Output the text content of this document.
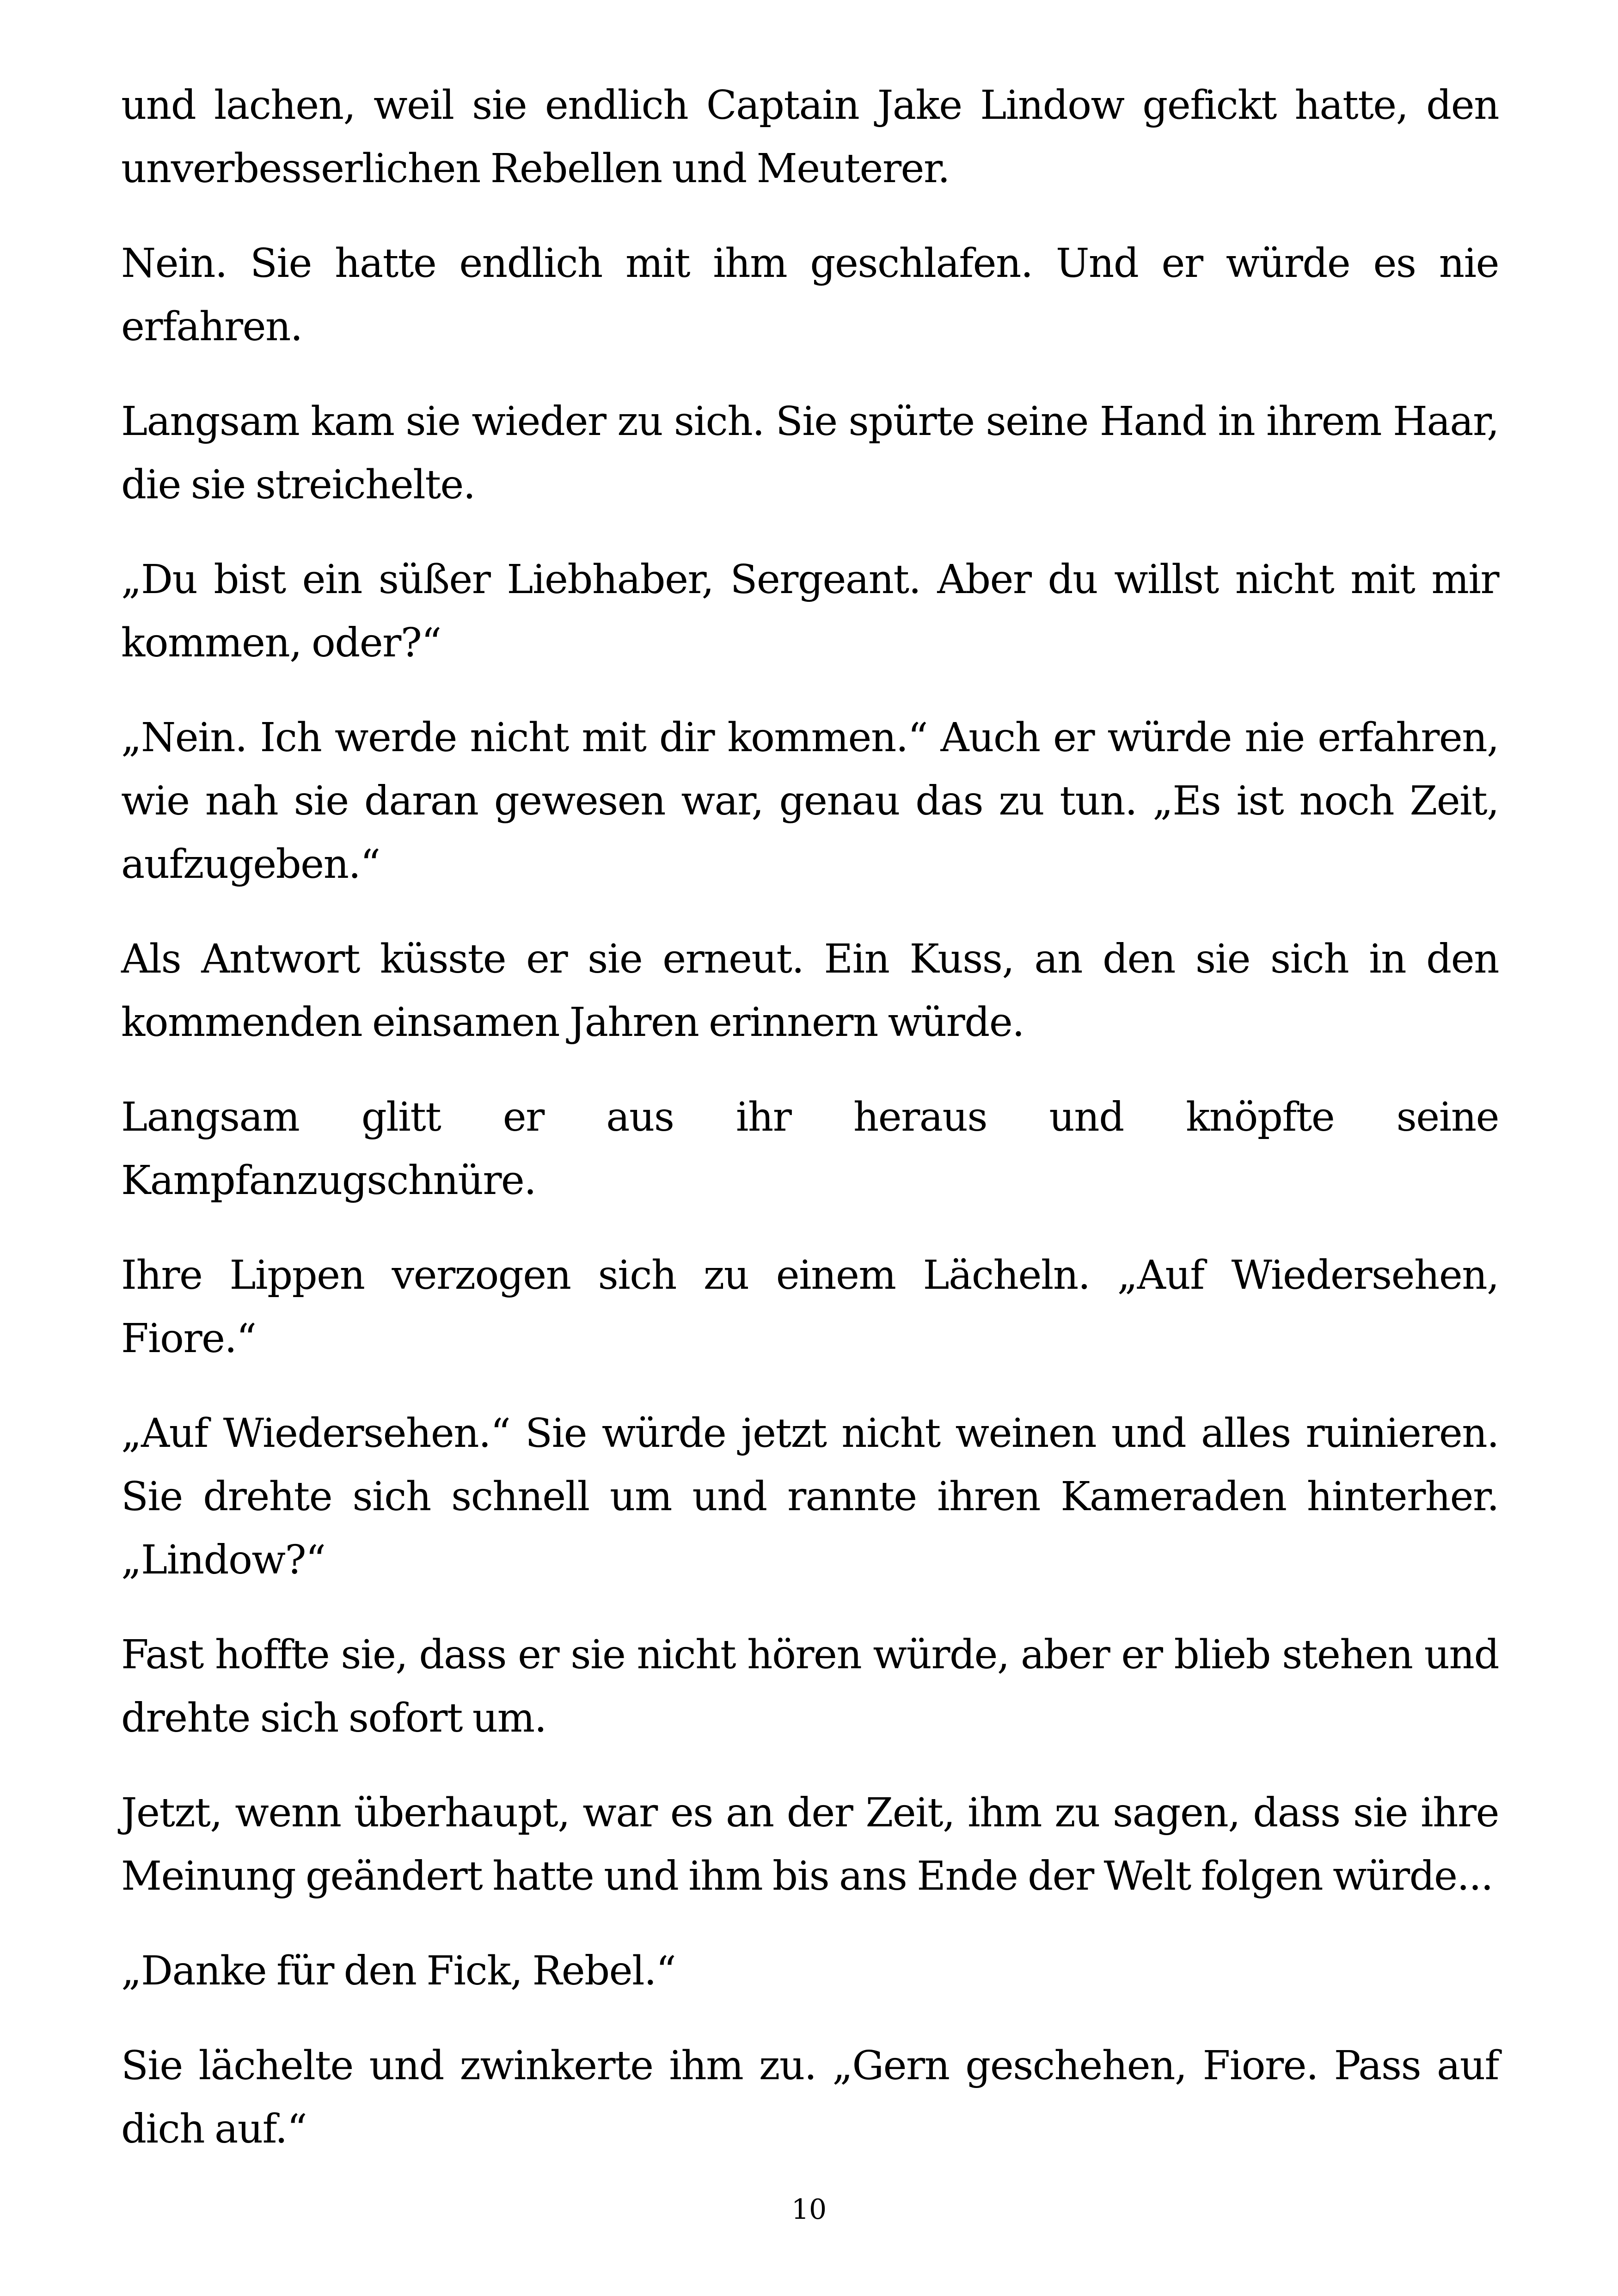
und lachen, weil sie endlich Captain Jake Lindow gefickt hatte, den unverbesserlichen Rebellen und Meuterer.

Nein. Sie hatte endlich mit ihm geschlafen. Und er würde es nie erfahren.

Langsam kam sie wieder zu sich. Sie spürte seine Hand in ihrem Haar, die sie streichelte.

„Du bist ein süßer Liebhaber, Sergeant. Aber du willst nicht mit mir kommen, oder?“

„Nein. Ich werde nicht mit dir kommen.“ Auch er würde nie erfahren, wie nah sie daran gewesen war, genau das zu tun. „Es ist noch Zeit, aufzugeben.“

Als Antwort küsste er sie erneut. Ein Kuss, an den sie sich in den kommenden einsamen Jahren erinnern würde.

Langsam glitt er aus ihr heraus und knöpfte seine Kampfanzugschnüre.

Ihre Lippen verzogen sich zu einem Lächeln. „Auf Wiedersehen, Fiore.“

„Auf Wiedersehen.“ Sie würde jetzt nicht weinen und alles ruinieren. Sie drehte sich schnell um und rannte ihren Kameraden hinterher. „Lindow?“

Fast hoffte sie, dass er sie nicht hören würde, aber er blieb stehen und drehte sich sofort um.

Jetzt, wenn überhaupt, war es an der Zeit, ihm zu sagen, dass sie ihre Meinung geändert hatte und ihm bis ans Ende der Welt folgen würde...

„Danke für den Fick, Rebel.“

Sie lächelte und zwinkerte ihm zu. „Gern geschehen, Fiore. Pass auf dich auf.“

10
